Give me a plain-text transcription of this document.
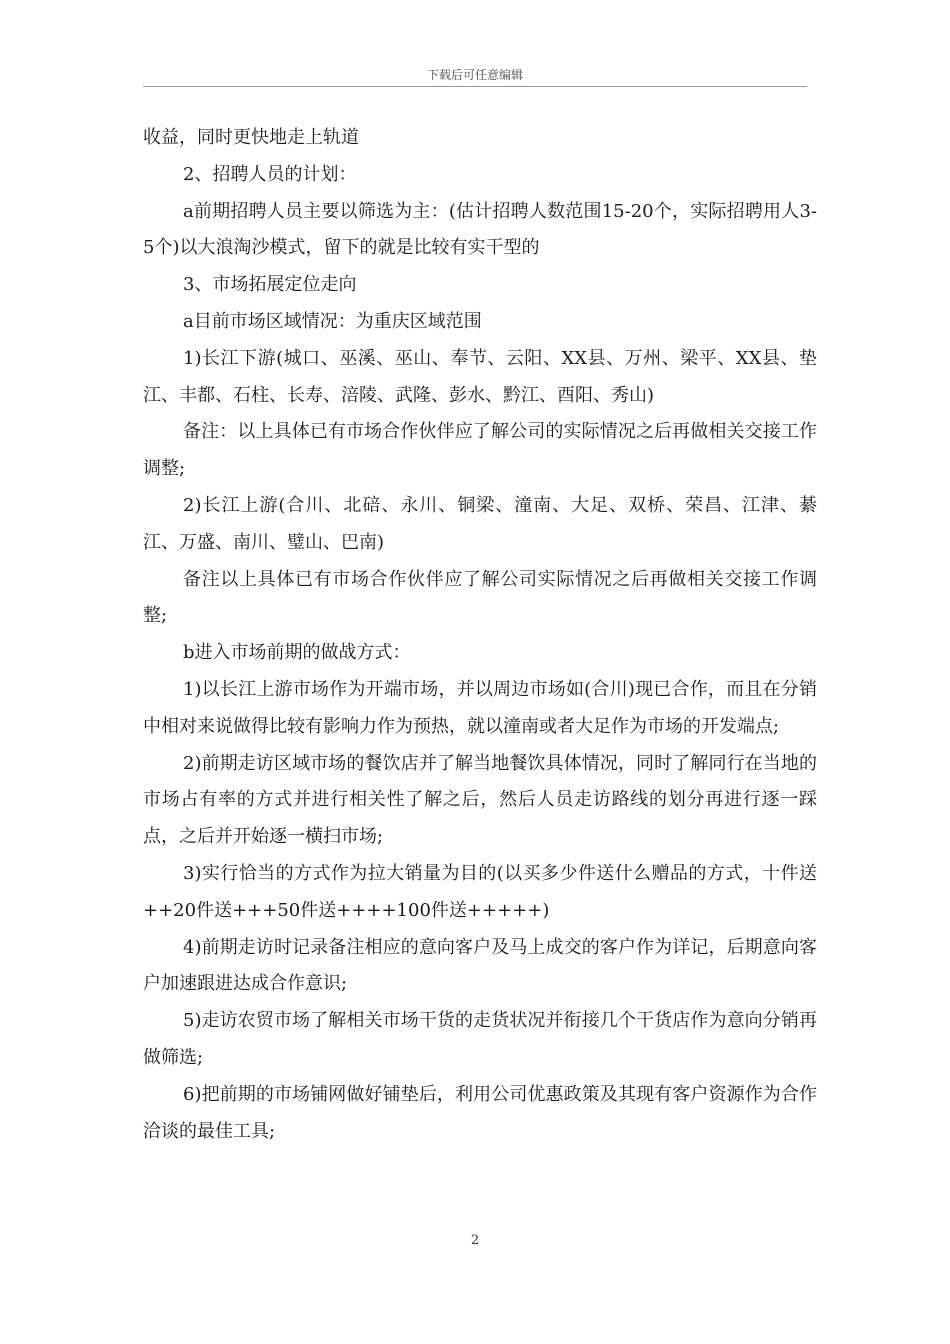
下载后可任意编辑

收益，同时更快地走上轨道

2、招聘人员的计划：

a前期招聘人员主要以筛选为主：(估计招聘人数范围15-20个，实际招聘用人3-5个)以大浪淘沙模式，留下的就是比较有实干型的

3、市场拓展定位走向

a目前市场区域情况：为重庆区域范围

1)长江下游(城口、巫溪、巫山、奉节、云阳、XX县、万州、梁平、XX县、垫江、丰都、石柱、长寿、涪陵、武隆、彭水、黔江、酉阳、秀山)

备注：以上具体已有市场合作伙伴应了解公司的实际情况之后再做相关交接工作调整;

2)长江上游(合川、北碚、永川、铜梁、潼南、大足、双桥、荣昌、江津、綦江、万盛、南川、璧山、巴南)

备注以上具体已有市场合作伙伴应了解公司实际情况之后再做相关交接工作调整;

b进入市场前期的做战方式：

1)以长江上游市场作为开端市场，并以周边市场如(合川)现已合作，而且在分销中相对来说做得比较有影响力作为预热，就以潼南或者大足作为市场的开发端点;

2)前期走访区域市场的餐饮店并了解当地餐饮具体情况，同时了解同行在当地的市场占有率的方式并进行相关性了解之后，然后人员走访路线的划分再进行逐一踩点，之后并开始逐一横扫市场;

3)实行恰当的方式作为拉大销量为目的(以买多少件送什么赠品的方式，十件送++20件送+++50件送++++100件送+++++)

4)前期走访时记录备注相应的意向客户及马上成交的客户作为详记，后期意向客户加速跟进达成合作意识;

5)走访农贸市场了解相关市场干货的走货状况并衔接几个干货店作为意向分销再做筛选;

6)把前期的市场铺网做好铺垫后，利用公司优惠政策及其现有客户资源作为合作洽谈的最佳工具;

2
